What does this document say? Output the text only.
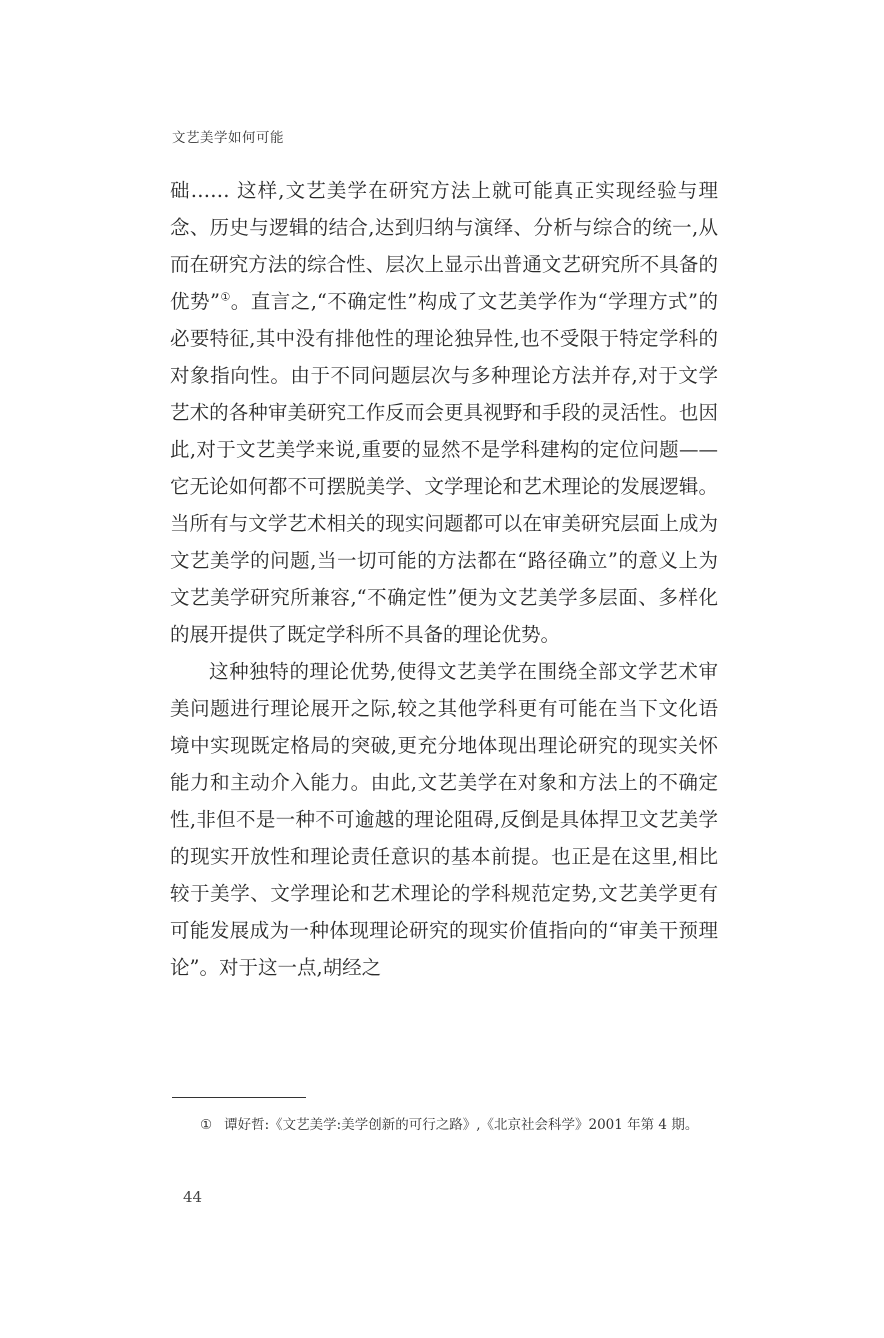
文艺美学如何可能

础…… 这样,文艺美学在研究方法上就可能真正实现经验与理念、历史与逻辑的结合,达到归纳与演绎、分析与综合的统一,从而在研究方法的综合性、层次上显示出普通文艺研究所不具备的优势”①。直言之,“不确定性”构成了文艺美学作为“学理方式”的必要特征,其中没有排他性的理论独异性,也不受限于特定学科的对象指向性。由于不同问题层次与多种理论方法并存,对于文学艺术的各种审美研究工作反而会更具视野和手段的灵活性。也因此,对于文艺美学来说,重要的显然不是学科建构的定位问题——它无论如何都不可摆脱美学、文学理论和艺术理论的发展逻辑。当所有与文学艺术相关的现实问题都可以在审美研究层面上成为文艺美学的问题,当一切可能的方法都在“路径确立”的意义上为文艺美学研究所兼容,“不确定性”便为文艺美学多层面、多样化的展开提供了既定学科所不具备的理论优势。

这种独特的理论优势,使得文艺美学在围绕全部文学艺术审美问题进行理论展开之际,较之其他学科更有可能在当下文化语境中实现既定格局的突破,更充分地体现出理论研究的现实关怀能力和主动介入能力。由此,文艺美学在对象和方法上的不确定性,非但不是一种不可逾越的理论阻碍,反倒是具体捍卫文艺美学的现实开放性和理论责任意识的基本前提。也正是在这里,相比较于美学、文学理论和艺术理论的学科规范定势,文艺美学更有可能发展成为一种体现理论研究的现实价值指向的“审美干预理论”。对于这一点,胡经之

① 谭好哲:《文艺美学:美学创新的可行之路》,《北京社会科学》2001 年第 4 期。
44
